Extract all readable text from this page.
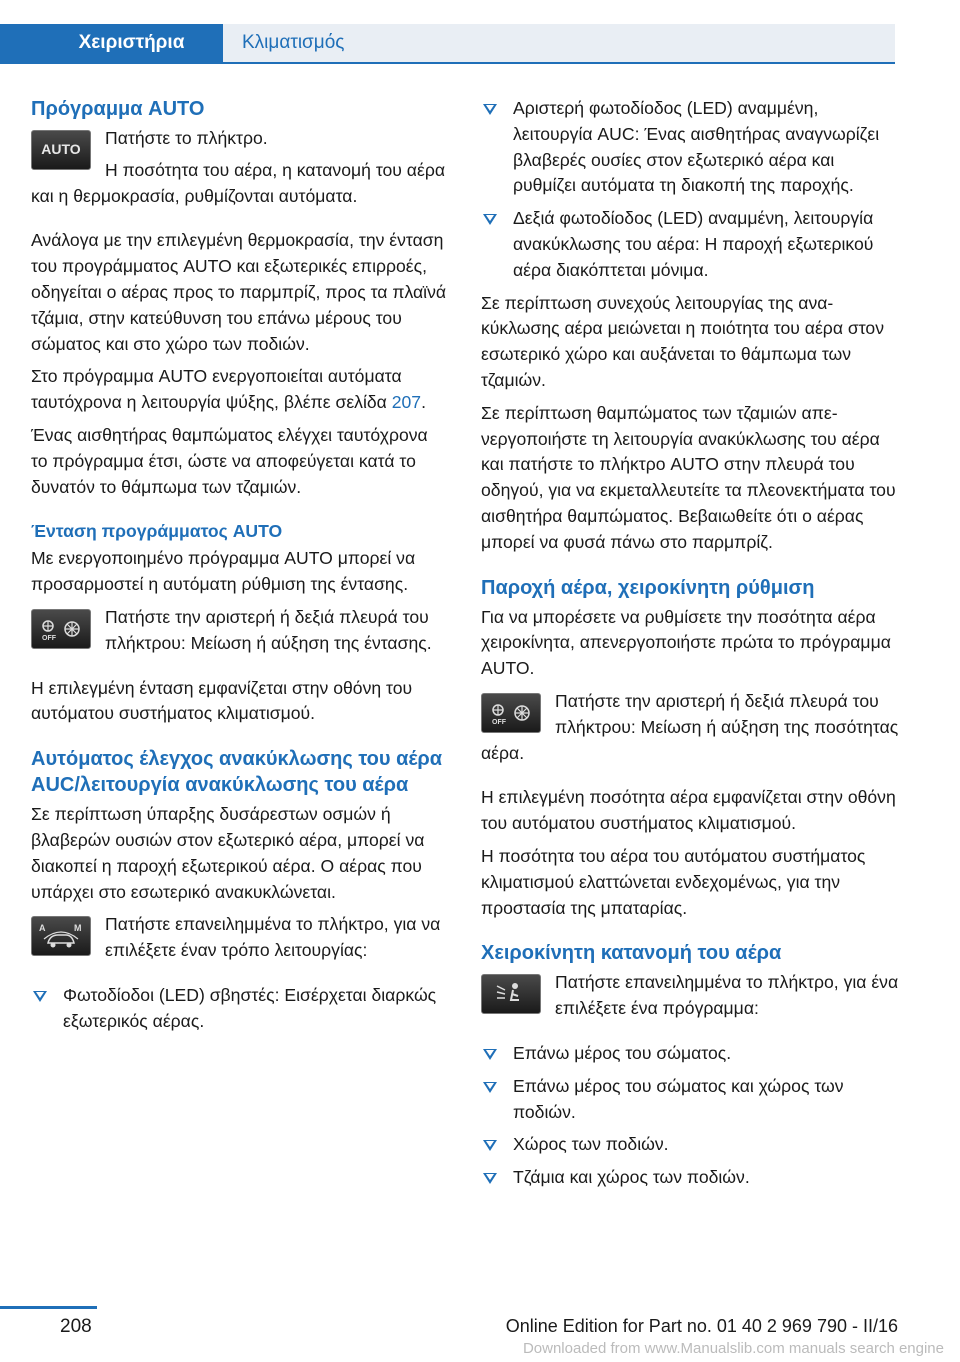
Χειριστήρια	Κλιματισμός
Πρόγραμμα AUTO
AUTO
Πατήστε το πλήκτρο.
Η ποσότητα του αέρα, η κατανομή του αέρα και η θερμοκρασία, ρυθμίζονται αυτόματα.

Ανάλογα με την επιλεγμένη θερμοκρασία, την ένταση του προγράμματος AUTO και εξωτερικές επιρροές, οδηγείται ο αέρας προς το παρμπρίζ, προς τα πλαϊνά τζάμια, στην κατεύθυνση του επάνω μέρους του σώματος και στο χώρο των ποδιών.

Στο πρόγραμμα AUTO ενεργοποιείται αυτόματα ταυτόχρονα η λειτουργία ψύξης, βλέπε σελίδα 207.

Ένας αισθητήρας θαμπώματος ελέγχει ταυτόχρονα το πρόγραμμα έτσι, ώστε να αποφεύγεται κατά το δυνατόν το θάμπωμα των τζαμιών.

Ένταση προγράμματος AUTO

Με ενεργοποιημένο πρόγραμμα AUTO μπορεί να προσαρμοστεί η αυτόματη ρύθμιση της έντασης.

OFF
Πατήστε την αριστερή ή δεξιά πλευρά του πλήκτρου: Μείωση ή αύξηση της έντασης.

Η επιλεγμένη ένταση εμφανίζεται στην οθόνη του αυτόματου συστήματος κλιματισμού.

Αυτόματος έλεγχος ανακύκλωσης του αέρα AUC/λειτουργία ανακύκλωσης του αέρα

Σε περίπτωση ύπαρξης δυσάρεστων οσμών ή βλαβερών ουσιών στον εξωτερικό αέρα, μπορεί να διακοπεί η παροχή εξωτερικού αέρα. Ο αέρας που υπάρχει στο εσωτερικό ανακυκλώνεται.

A	M	Πατήστε επανειλημμένα το πλήκτρο, για να επιλέξετε έναν τρόπο λειτουργίας:
Φωτοδίοδοι (LED) σβηστές: Εισέρχεται διαρκώς εξωτερικός αέρας.
Αριστερή φωτοδίοδος (LED) αναμμένη, λειτουργία AUC: Ένας αισθητήρας αναγνωρίζει βλαβερές ουσίες στον εξωτερικό αέρα και ρυθμίζει αυτόματα τη διακοπή της παροχής.
Δεξιά φωτοδίοδος (LED) αναμμένη, λειτουργία ανακύκλωσης του αέρα: Η παροχή εξωτερικού αέρα διακόπτεται μόνιμα.

Σε περίπτωση συνεχούς λειτουργίας της ανακύκλωσης αέρα μειώνεται η ποιότητα του αέρα στον εσωτερικό χώρο και αυξάνεται το θάμπωμα των τζαμιών.

Σε περίπτωση θαμπώματος των τζαμιών απενεργοποιήστε τη λειτουργία ανακύκλωσης του αέρα και πατήστε το πλήκτρο AUTO στην πλευρά του οδηγού, για να εκμεταλλευτείτε τα πλεονεκτήματα του αισθητήρα θαμπώματος. Βεβαιωθείτε ότι ο αέρας μπορεί να φυσά πάνω στο παρμπρίζ.

Παροχή αέρα, χειροκίνητη ρύθμιση

Για να μπορέσετε να ρυθμίσετε την ποσότητα αέρα χειροκίνητα, απενεργοποιήστε πρώτα το πρόγραμμα AUTO.

OFF
Πατήστε την αριστερή ή δεξιά πλευρά του πλήκτρου: Μείωση ή αύξηση της ποσότητας αέρα.

Η επιλεγμένη ποσότητα αέρα εμφανίζεται στην οθόνη του αυτόματου συστήματος κλιματισμού.

Η ποσότητα του αέρα του αυτόματου συστήματος κλιματισμού ελαττώνεται ενδεχομένως, για την προστασία της μπαταρίας.

Χειροκίνητη κατανομή του αέρα
Πατήστε επανειλημμένα το πλήκτρο, για ένα επιλέξετε ένα πρόγραμμα:
Επάνω μέρος του σώματος.
Επάνω μέρος του σώματος και χώρος των ποδιών.
Χώρος των ποδιών.
Τζάμια και χώρος των ποδιών.
208	Online Edition for Part no. 01 40 2 969 790 - II/16
Downloaded from www.Manualslib.com manuals search engine
